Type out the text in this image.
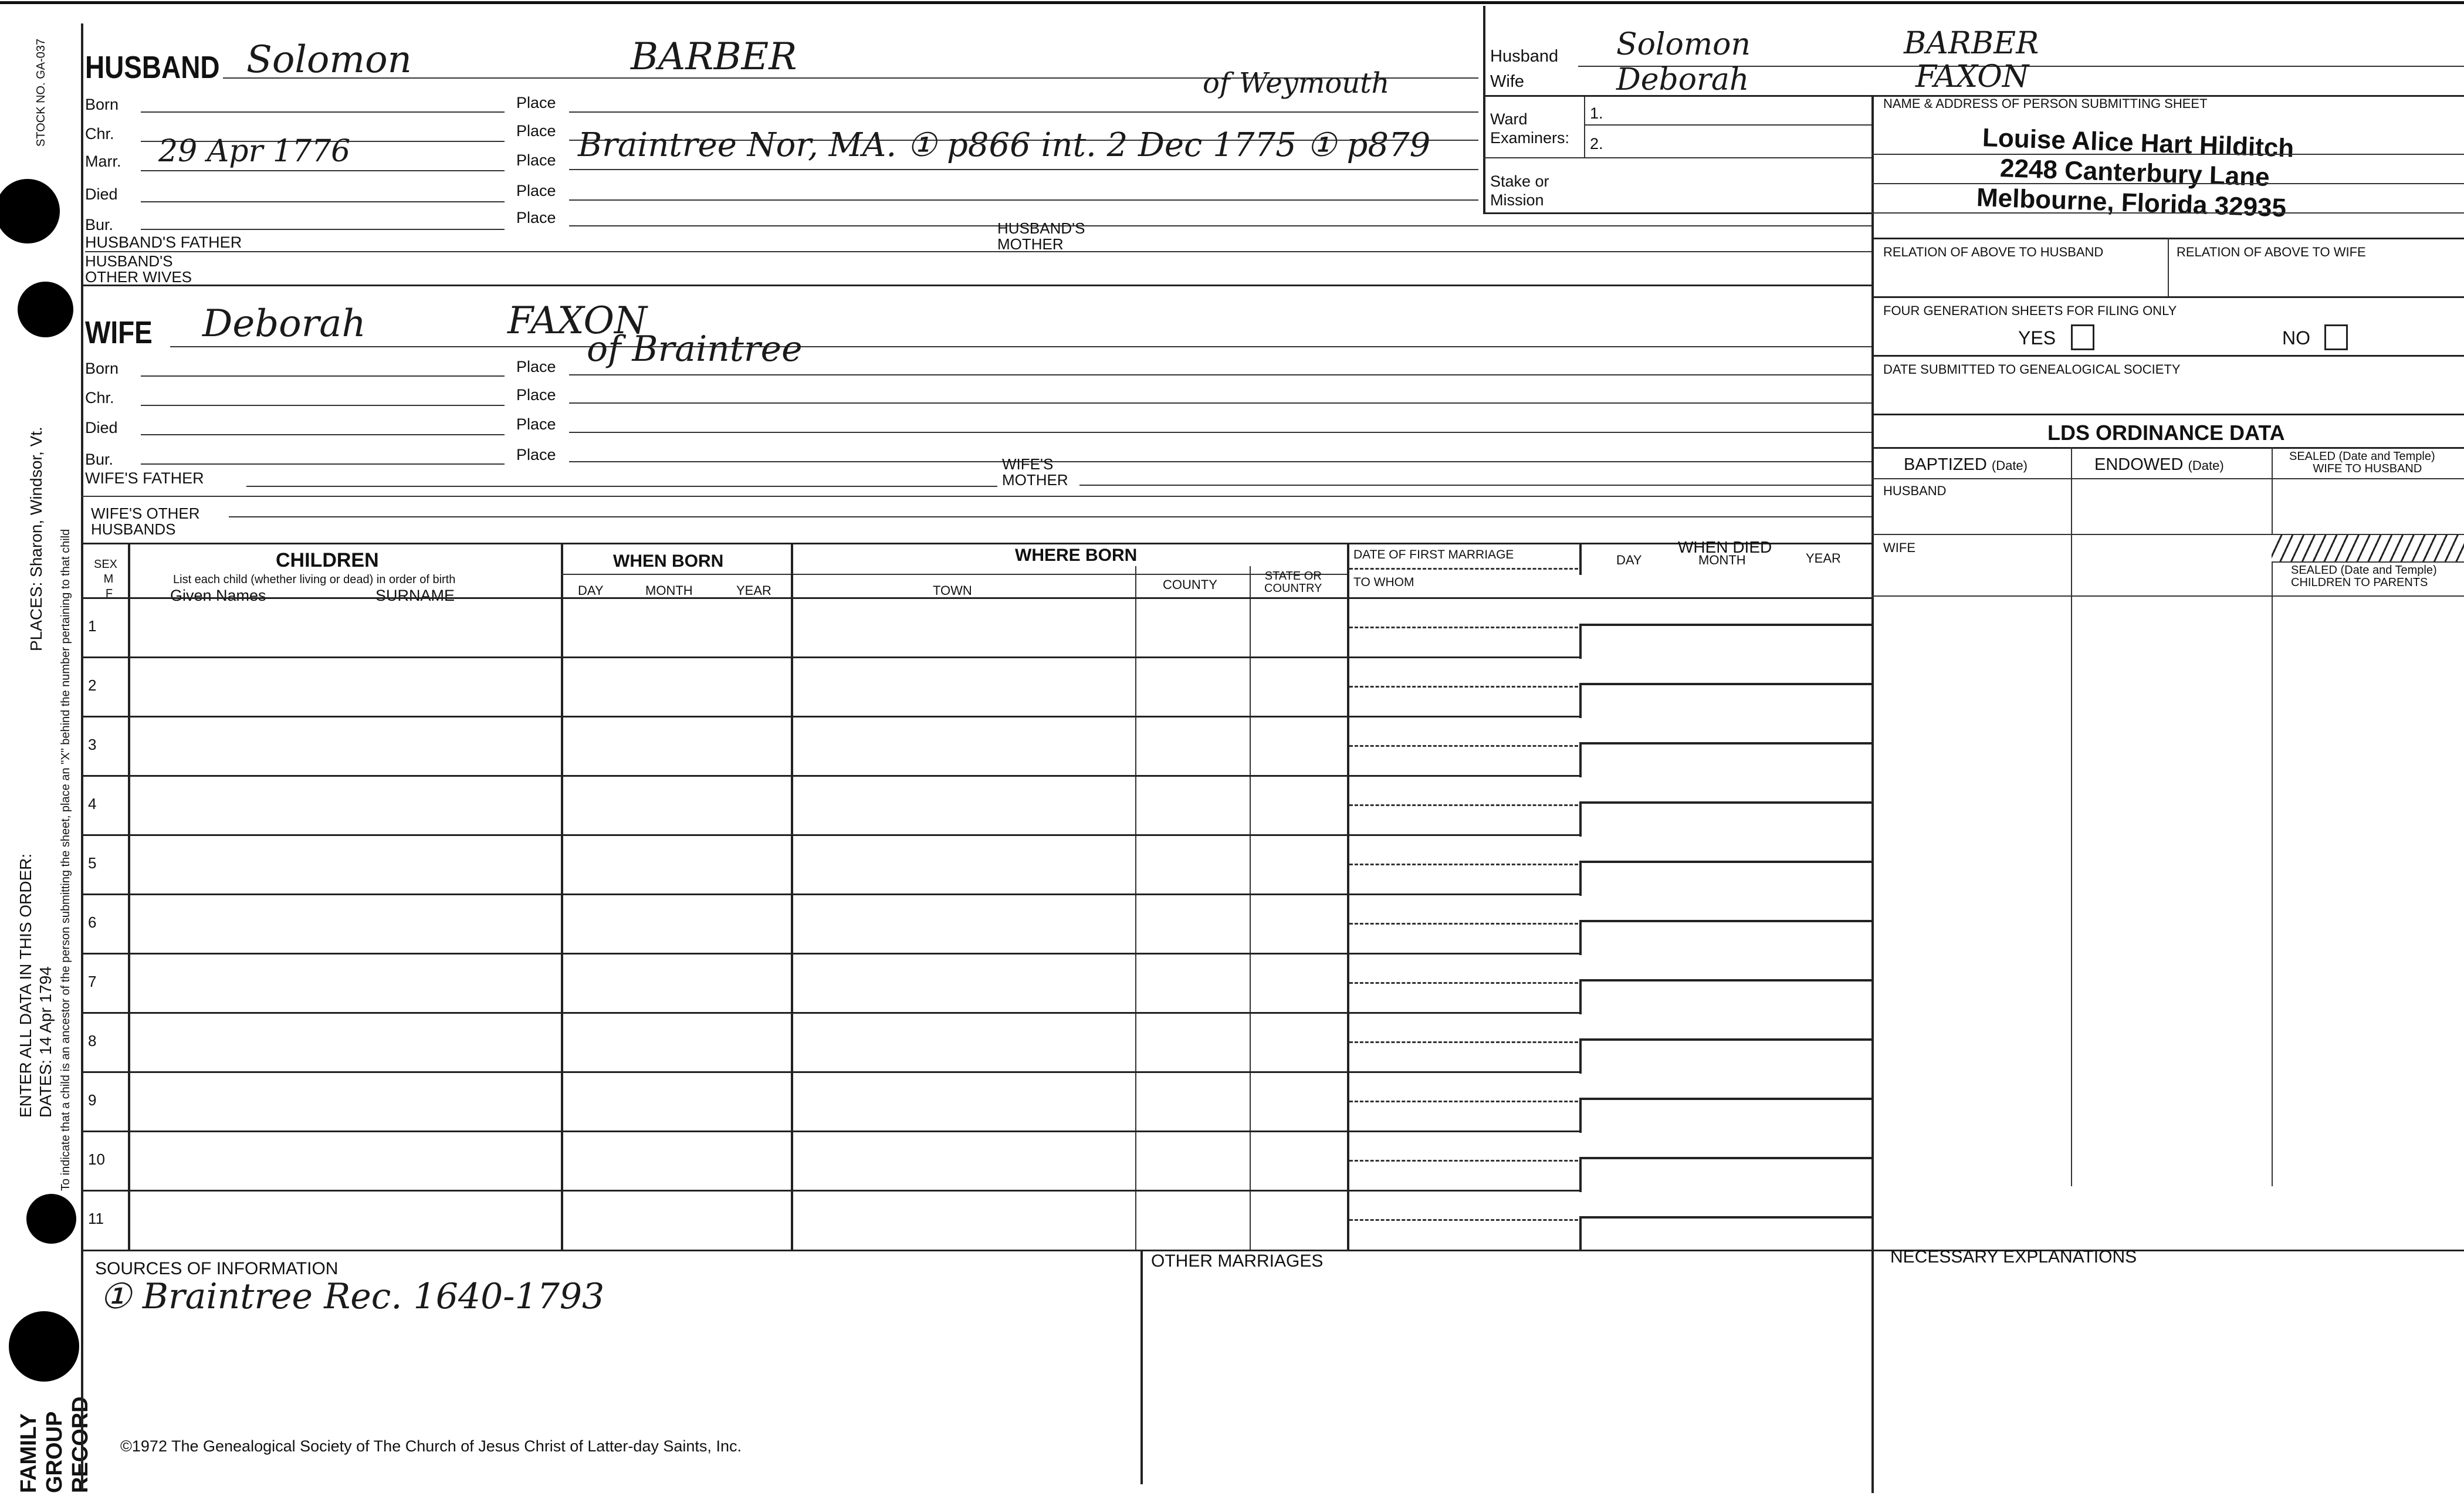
STOCK NO. GA-037
PLACES: Sharon, Windsor, Vt. To indicate that a child is an ancestor of the person submitting the sheet, place an "X" behind the number pertaining to that child
ENTER ALL DATA IN THIS ORDER: DATES: 14 Apr 1794
FAMILY GROUP RECORD
HUSBAND Solomon	BARBER
of Weymouth
Born	Place
Chr.	Place
Marr. 29 Apr 1776	Place Braintree Nor, MA. ① p866 int. 2 Dec 1775 ① p879
Died	Place
Bur.	Place
HUSBAND'S FATHER
HUSBAND'S
MOTHER
HUSBAND'S
OTHER WIVES
WIFE Deborah	FAXON
of Braintree
Born	Place
Chr.	Place
Died	Place
Bur.	Place
WIFE'S FATHER
WIFE'S
MOTHER
WIFE'S OTHER
HUSBANDS
Husband Solomon	BARBER
Wife	Deborah	FAXON
Ward
Examiners:
1.
2.
Stake or
Mission
NAME & ADDRESS OF PERSON SUBMITTING SHEET
Louise Alice Hart Hilditch
2248 Canterbury Lane
Melbourne, Florida 32935
RELATION OF ABOVE TO HUSBAND	RELATION OF ABOVE TO WIFE
FOUR GENERATION SHEETS FOR FILING ONLY
YES	NO
DATE SUBMITTED TO GENEALOGICAL SOCIETY
LDS ORDINANCE DATA
BAPTIZED (Date)	ENDOWED (Date)
SEALED (Date and Temple)
WIFE TO HUSBAND
HUSBAND
WIFE
SEALED (Date and Temple)
CHILDREN TO PARENTS
SEX
M
F
CHILDREN
List each child (whether living or dead) in order of birth
Given Names	SURNAME
WHEN BORN
DAY	MONTH	YEAR
WHERE BORN
TOWN	COUNTY
STATE OR
COUNTRY
DATE OF FIRST MARRIAGE
TO WHOM
DAY
WHEN DIED
MONTH	YEAR
1
2
3
4
5
6
7
8
9
10
11
SOURCES OF INFORMATION
① Braintree Rec. 1640-1793
OTHER MARRIAGES	NECESSARY EXPLANATIONS
©1972 The Genealogical Society of The Church of Jesus Christ of Latter-day Saints, Inc.
